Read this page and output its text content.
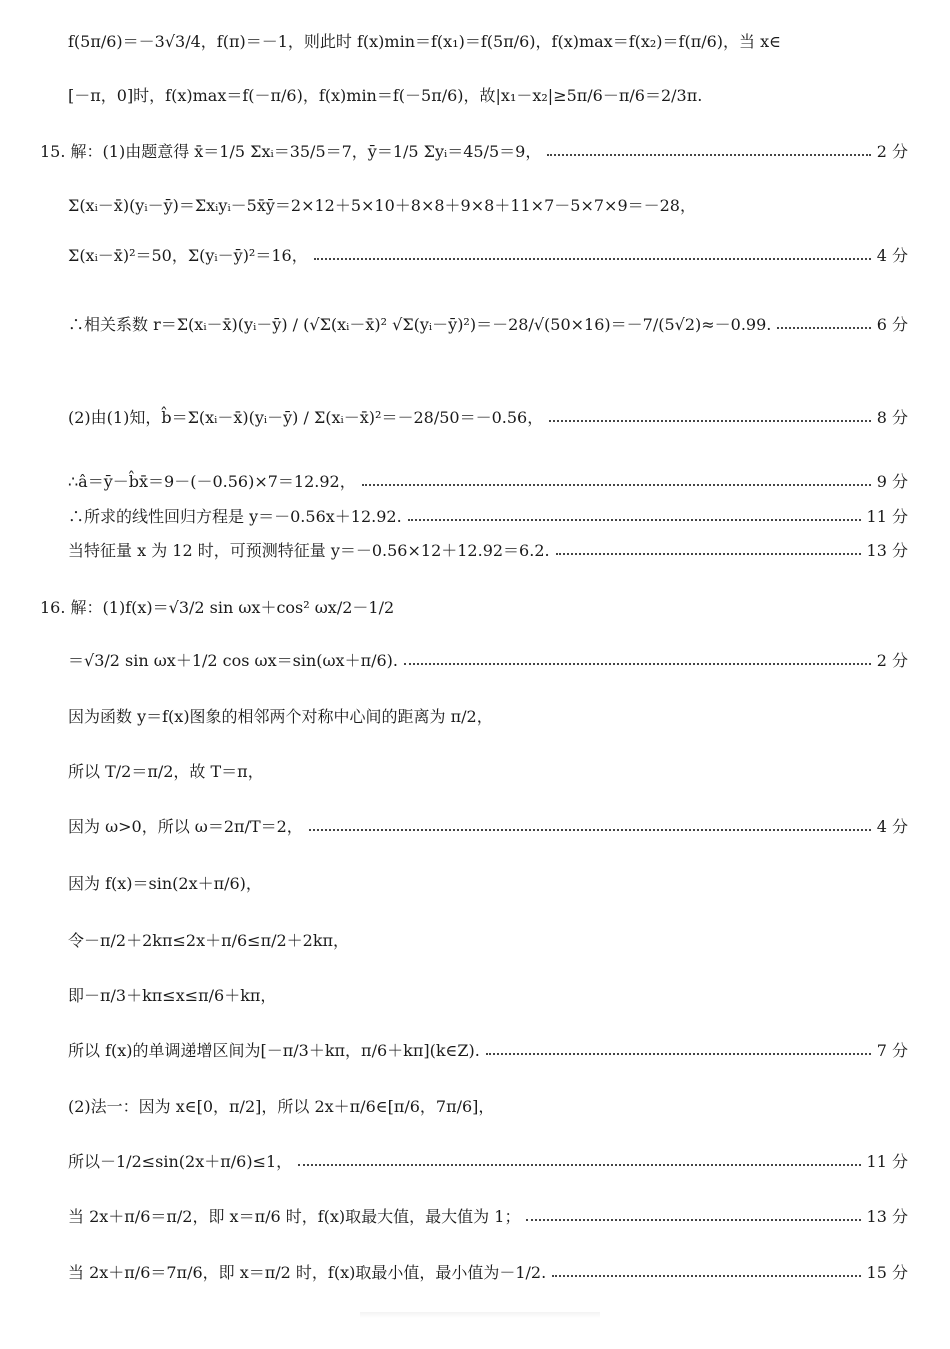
f(5π/6)＝－3√3/4，f(π)＝－1，则此时 f(x)min＝f(x₁)＝f(5π/6)，f(x)max＝f(x₂)＝f(π/6)，当 x∈
[－π，0]时，f(x)max＝f(－π/6)，f(x)min＝f(－5π/6)，故|x₁－x₂|≥5π/6－π/6＝2/3π.
15. 解：(1)由题意得 x̄＝1/5 Σxᵢ＝35/5＝7，ȳ＝1/5 Σyᵢ＝45/5＝9，	2 分
Σ(xᵢ－x̄)(yᵢ－ȳ)＝Σxᵢyᵢ－5x̄ȳ＝2×12＋5×10＋8×8＋9×8＋11×7－5×7×9＝－28，
Σ(xᵢ－x̄)²＝50，Σ(yᵢ－ȳ)²＝16，	4 分
∴相关系数 r＝Σ(xᵢ－x̄)(yᵢ－ȳ) / (√Σ(xᵢ－x̄)² √Σ(yᵢ－ȳ)²)＝－28/√(50×16)＝－7/(5√2)≈－0.99.	6 分
(2)由(1)知，b̂＝Σ(xᵢ－x̄)(yᵢ－ȳ) / Σ(xᵢ－x̄)²＝－28/50＝－0.56，	8 分
∴â＝ȳ－b̂x̄＝9－(－0.56)×7＝12.92，	9 分
∴所求的线性回归方程是 y＝－0.56x＋12.92.	11 分
当特征量 x 为 12 时，可预测特征量 y＝－0.56×12＋12.92＝6.2.	13 分
16. 解：(1)f(x)＝√3/2 sin ωx＋cos² ωx/2－1/2
＝√3/2 sin ωx＋1/2 cos ωx＝sin(ωx＋π/6).	2 分
因为函数 y＝f(x)图象的相邻两个对称中心间的距离为 π/2，
所以 T/2＝π/2，故 T＝π，
因为 ω>0，所以 ω＝2π/T＝2，	4 分
因为 f(x)＝sin(2x＋π/6)，
令－π/2＋2kπ≤2x＋π/6≤π/2＋2kπ，
即－π/3＋kπ≤x≤π/6＋kπ，
所以 f(x)的单调递增区间为[－π/3＋kπ，π/6＋kπ](k∈Z).	7 分
(2)法一：因为 x∈[0，π/2]，所以 2x＋π/6∈[π/6，7π/6]，
所以－1/2≤sin(2x＋π/6)≤1，	11 分
当 2x＋π/6＝π/2，即 x＝π/6 时，f(x)取最大值，最大值为 1；	13 分
当 2x＋π/6＝7π/6，即 x＝π/2 时，f(x)取最小值，最小值为－1/2.	15 分
